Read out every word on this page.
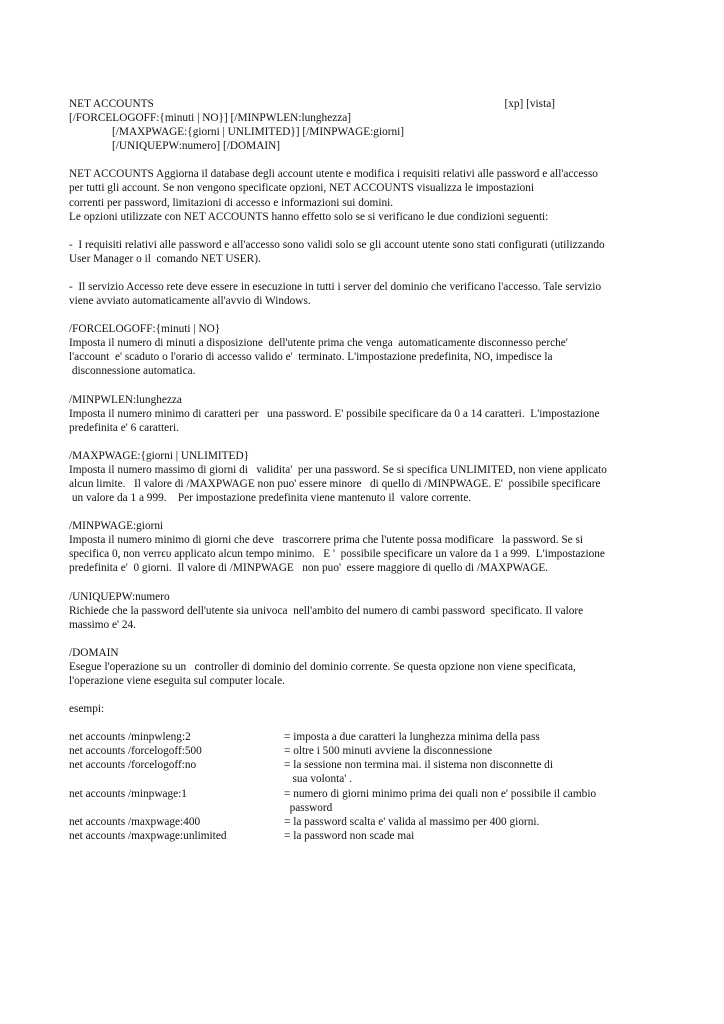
NET ACCOUNTS	[xp] [vista]
[/FORCELOGOFF:{minuti | NO}] [/MINPWLEN:lunghezza]
[/MAXPWAGE:{giorni | UNLIMITED}] [/MINPWAGE:giorni]
[/UNIQUEPW:numero] [/DOMAIN]
NET ACCOUNTS Aggiorna il database degli account utente e modifica i requisiti relativi alle password e all'accesso
per tutti gli account. Se non vengono specificate opzioni, NET ACCOUNTS visualizza le impostazioni
correnti per password, limitazioni di accesso e informazioni sui domini.
Le opzioni utilizzate con NET ACCOUNTS hanno effetto solo se si verificano le due condizioni seguenti:
-  I requisiti relativi alle password e all'accesso sono validi solo se gli account utente sono stati configurati (utilizzando
User Manager o il  comando NET USER).
-  Il servizio Accesso rete deve essere in esecuzione in tutti i server del dominio che verificano l'accesso. Tale servizio
viene avviato automaticamente all'avvio di Windows.
/FORCELOGOFF:{minuti | NO}
Imposta il numero di minuti a disposizione  dell'utente prima che venga  automaticamente disconnesso perche'
l'account  e' scaduto o l'orario di accesso valido e'  terminato. L'impostazione predefinita, NO, impedisce la
disconnessione automatica.
/MINPWLEN:lunghezza
Imposta il numero minimo di caratteri per   una password. E' possibile specificare da 0 a 14 caratteri.  L'impostazione
predefinita e' 6 caratteri.
/MAXPWAGE:{giorni | UNLIMITED}
Imposta il numero massimo di giorni di   validita'  per una password. Se si specifica UNLIMITED, non viene applicato
alcun limite.   Il valore di /MAXPWAGE non puo' essere minore   di quello di /MINPWAGE. E'  possibile specificare
un valore da 1 a 999.    Per impostazione predefinita viene mantenuto il  valore corrente.
/MINPWAGE:giorni
Imposta il numero minimo di giorni che deve   trascorrere prima che l'utente possa modificare   la password. Se si
specifica 0, non verrϵυ applicato alcun tempo minimo.   E '  possibile specificare un valore da 1 a 999.  L'impostazione
predefinita e'  0 giorni.  Il valore di /MINPWAGE   non puo'  essere maggiore di quello di /MAXPWAGE.
/UNIQUEPW:numero
Richiede che la password dell'utente sia univoca  nell'ambito del numero di cambi password  specificato. Il valore
massimo e' 24.
/DOMAIN
Esegue l'operazione su un   controller di dominio del dominio corrente. Se questa opzione non viene specificata,
l'operazione viene eseguita sul computer locale.
esempi:
net accounts /minpwleng:2	= imposta a due caratteri la lunghezza minima della pass
net accounts /forcelogoff:500	= oltre i 500 minuti avviene la disconnessione
net accounts /forcelogoff:no	= la sessione non termina mai. il sistema non disconnette di
sua volonta' .
net accounts /minpwage:1	= numero di giorni minimo prima dei quali non e' possibile il cambio
password
net accounts /maxpwage:400	= la password scalta e' valida al massimo per 400 giorni.
net accounts /maxpwage:unlimited	= la password non scade mai
